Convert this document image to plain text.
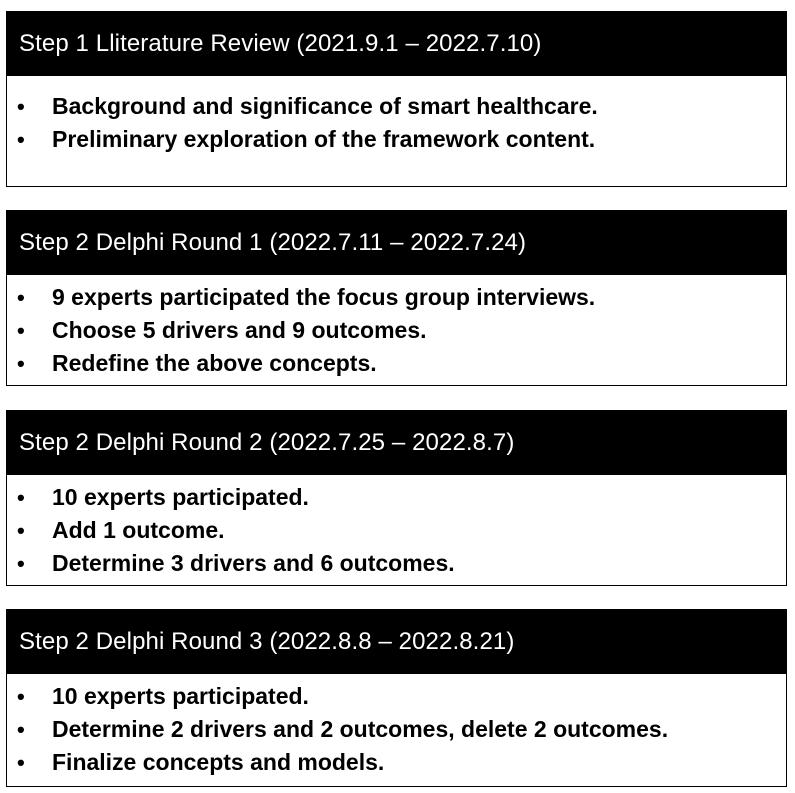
Step 1 Lliterature Review (2021.9.1 – 2022.7.10)
•	Background and significance of smart healthcare.
•	Preliminary exploration of the framework content.
Step 2 Delphi Round 1 (2022.7.11 – 2022.7.24)
•	9 experts participated the focus group interviews.
•	Choose 5 drivers and 9 outcomes.
•	Redefine the above concepts.
Step 2 Delphi Round 2 (2022.7.25 – 2022.8.7)
•	10 experts participated.
•	Add 1 outcome.
•	Determine 3 drivers and 6 outcomes.
Step 2 Delphi Round 3 (2022.8.8 – 2022.8.21)
•	10 experts participated.
•	Determine 2 drivers and 2 outcomes, delete 2 outcomes.
•	Finalize concepts and models.
